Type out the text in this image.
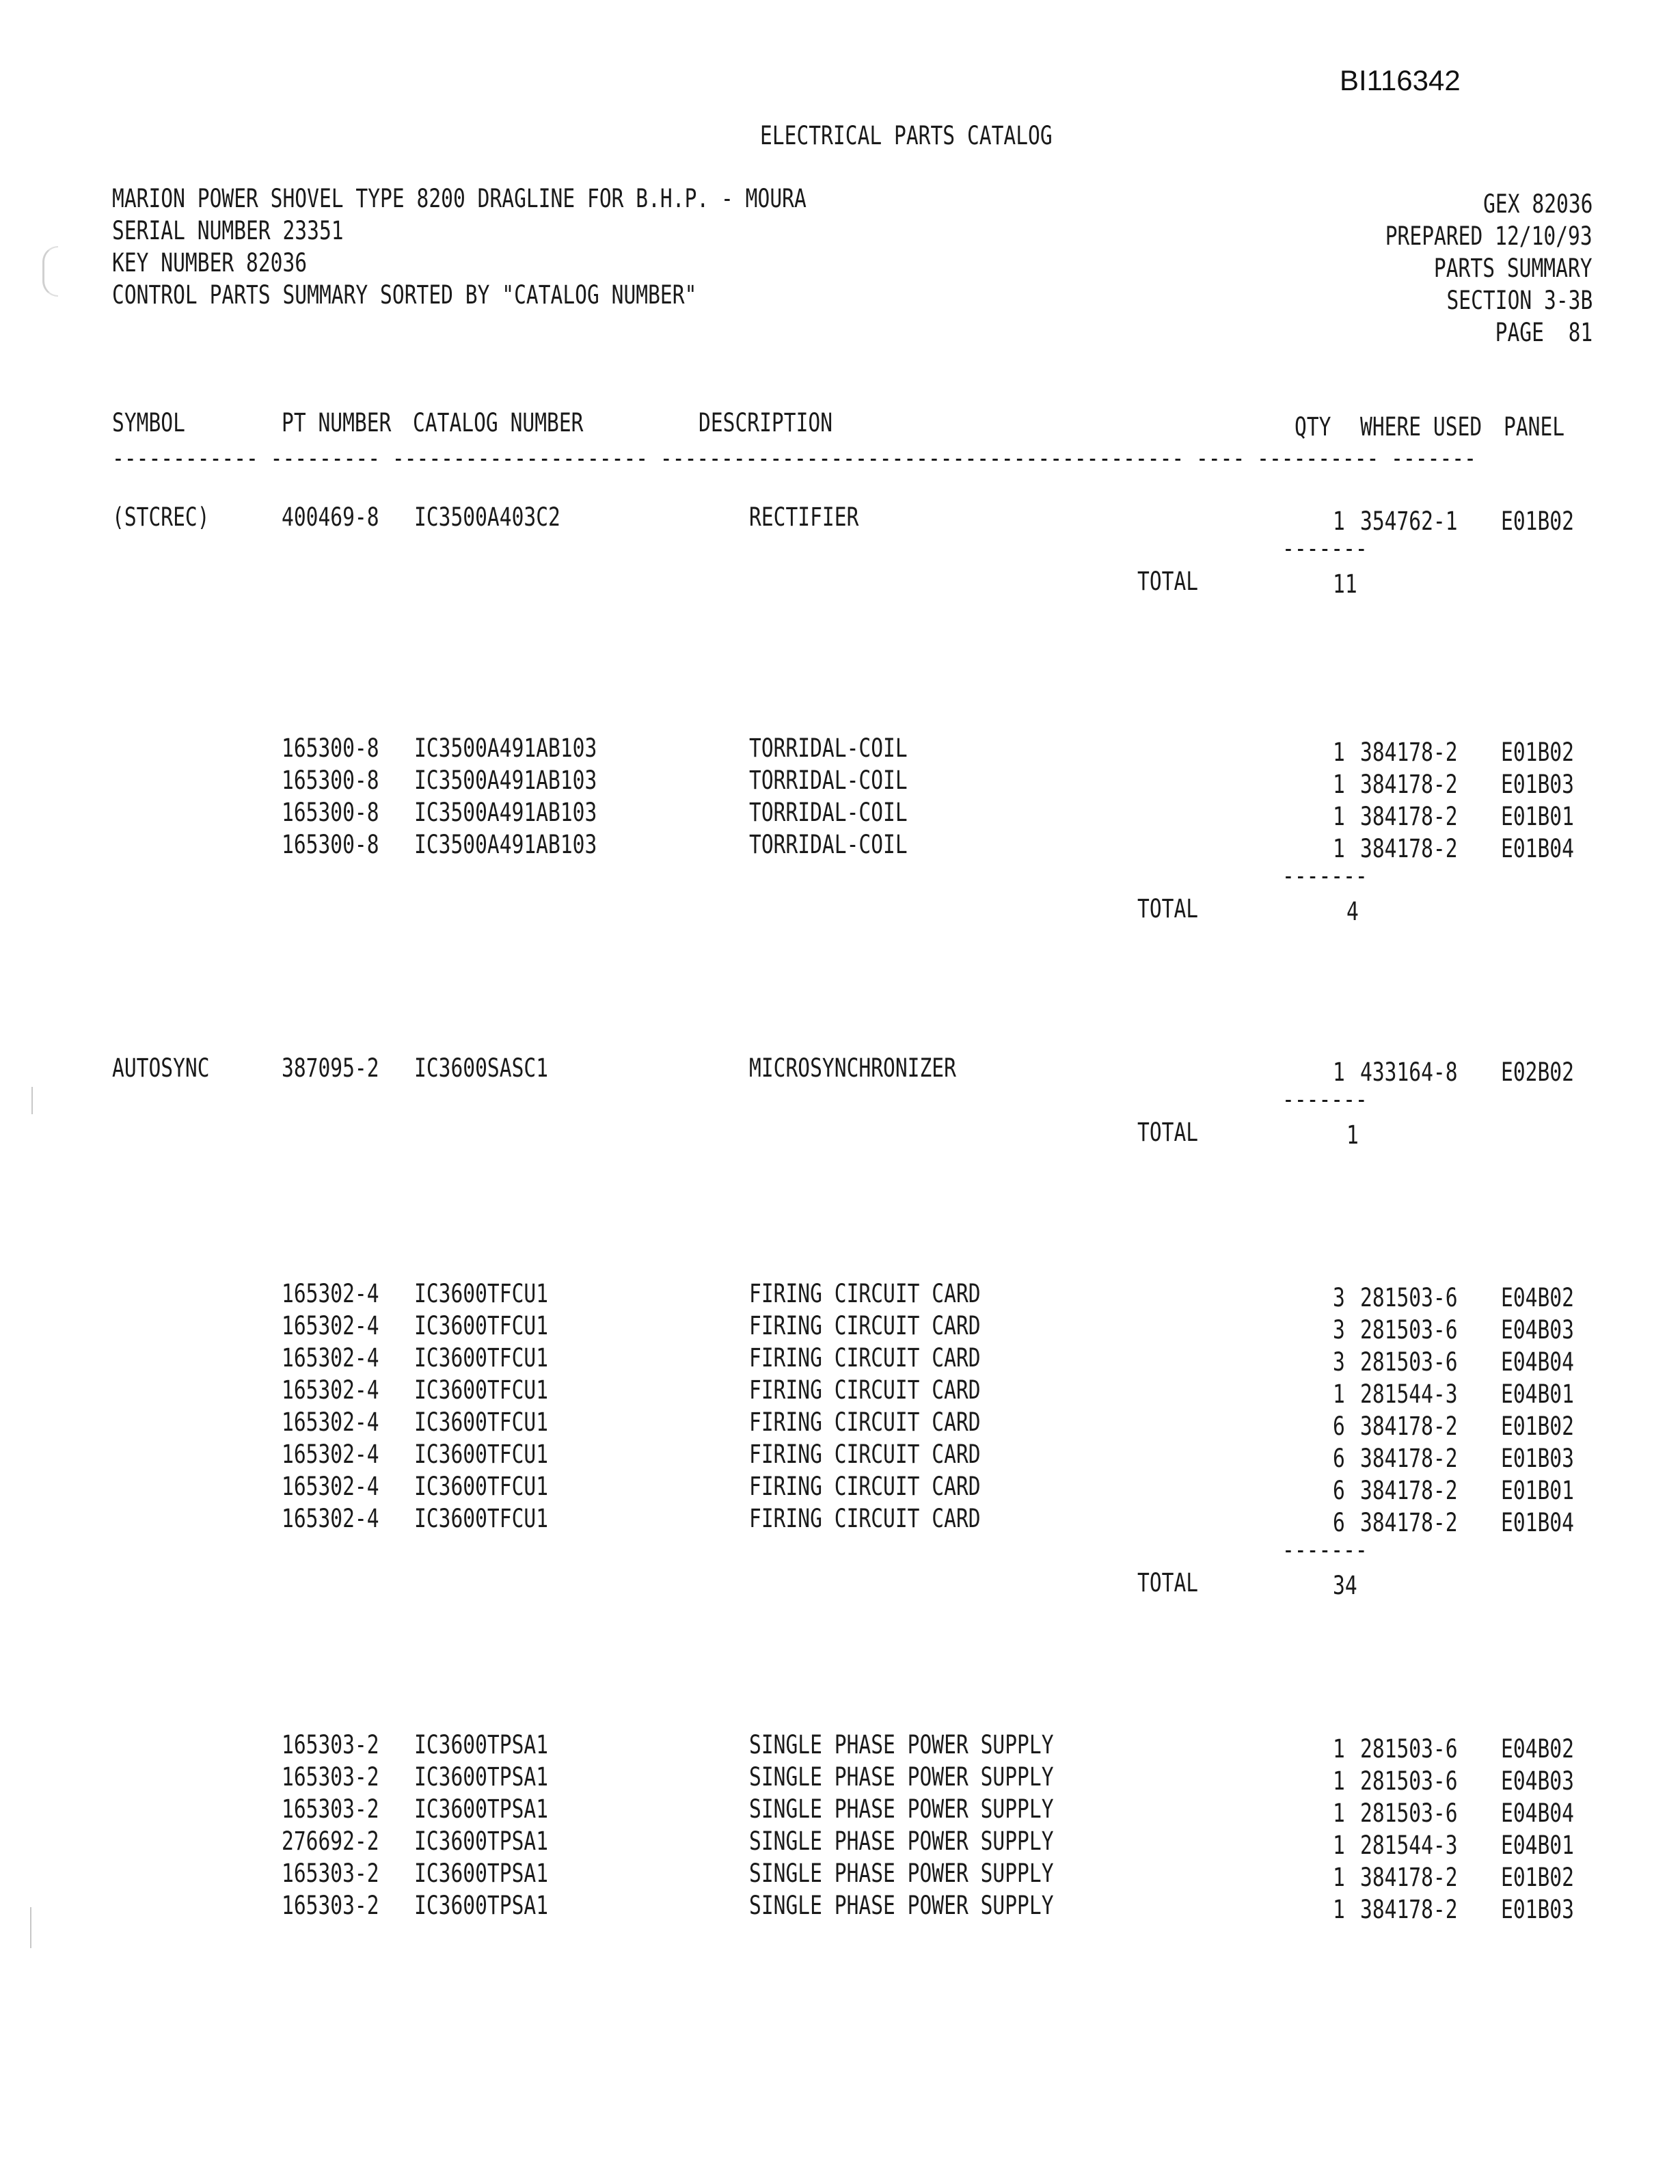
BI116342
ELECTRICAL PARTS CATALOG
MARION POWER SHOVEL TYPE 8200 DRAGLINE FOR B.H.P. - MOURA
SERIAL NUMBER 23351
KEY NUMBER 82036
CONTROL PARTS SUMMARY SORTED BY "CATALOG NUMBER"
GEX 82036
PREPARED 12/10/93
PARTS SUMMARY
SECTION 3-3B
PAGE  81
SYMBOL	PT NUMBER CATALOG NUMBER	DESCRIPTION	QTY WHERE USED PANEL
------------ --------- --------------------- ------------------------------------------- ---- ---------- -------
(STCREC)	400469-8 IC3500A403C2	RECTIFIER	1 354762-1 E01B02
-------
TOTAL	11
165300-8 IC3500A491AB103	TORRIDAL-COIL	1 384178-2 E01B02
165300-8 IC3500A491AB103	TORRIDAL-COIL	1 384178-2 E01B03
165300-8 IC3500A491AB103	TORRIDAL-COIL	1 384178-2 E01B01
165300-8 IC3500A491AB103	TORRIDAL-COIL	1 384178-2 E01B04
-------
TOTAL	4
AUTOSYNC	387095-2 IC3600SASC1	MICROSYNCHRONIZER	1 433164-8 E02B02
-------
TOTAL	1
165302-4 IC3600TFCU1	FIRING CIRCUIT CARD	3 281503-6 E04B02
165302-4 IC3600TFCU1	FIRING CIRCUIT CARD	3 281503-6 E04B03
165302-4 IC3600TFCU1	FIRING CIRCUIT CARD	3 281503-6 E04B04
165302-4 IC3600TFCU1	FIRING CIRCUIT CARD	1 281544-3 E04B01
165302-4 IC3600TFCU1	FIRING CIRCUIT CARD	6 384178-2 E01B02
165302-4 IC3600TFCU1	FIRING CIRCUIT CARD	6 384178-2 E01B03
165302-4 IC3600TFCU1	FIRING CIRCUIT CARD	6 384178-2 E01B01
165302-4 IC3600TFCU1	FIRING CIRCUIT CARD	6 384178-2 E01B04
-------
TOTAL	34
165303-2 IC3600TPSA1	SINGLE PHASE POWER SUPPLY	1 281503-6 E04B02
165303-2 IC3600TPSA1	SINGLE PHASE POWER SUPPLY	1 281503-6 E04B03
165303-2 IC3600TPSA1	SINGLE PHASE POWER SUPPLY	1 281503-6 E04B04
276692-2 IC3600TPSA1	SINGLE PHASE POWER SUPPLY	1 281544-3 E04B01
165303-2 IC3600TPSA1	SINGLE PHASE POWER SUPPLY	1 384178-2 E01B02
165303-2 IC3600TPSA1	SINGLE PHASE POWER SUPPLY	1 384178-2 E01B03
